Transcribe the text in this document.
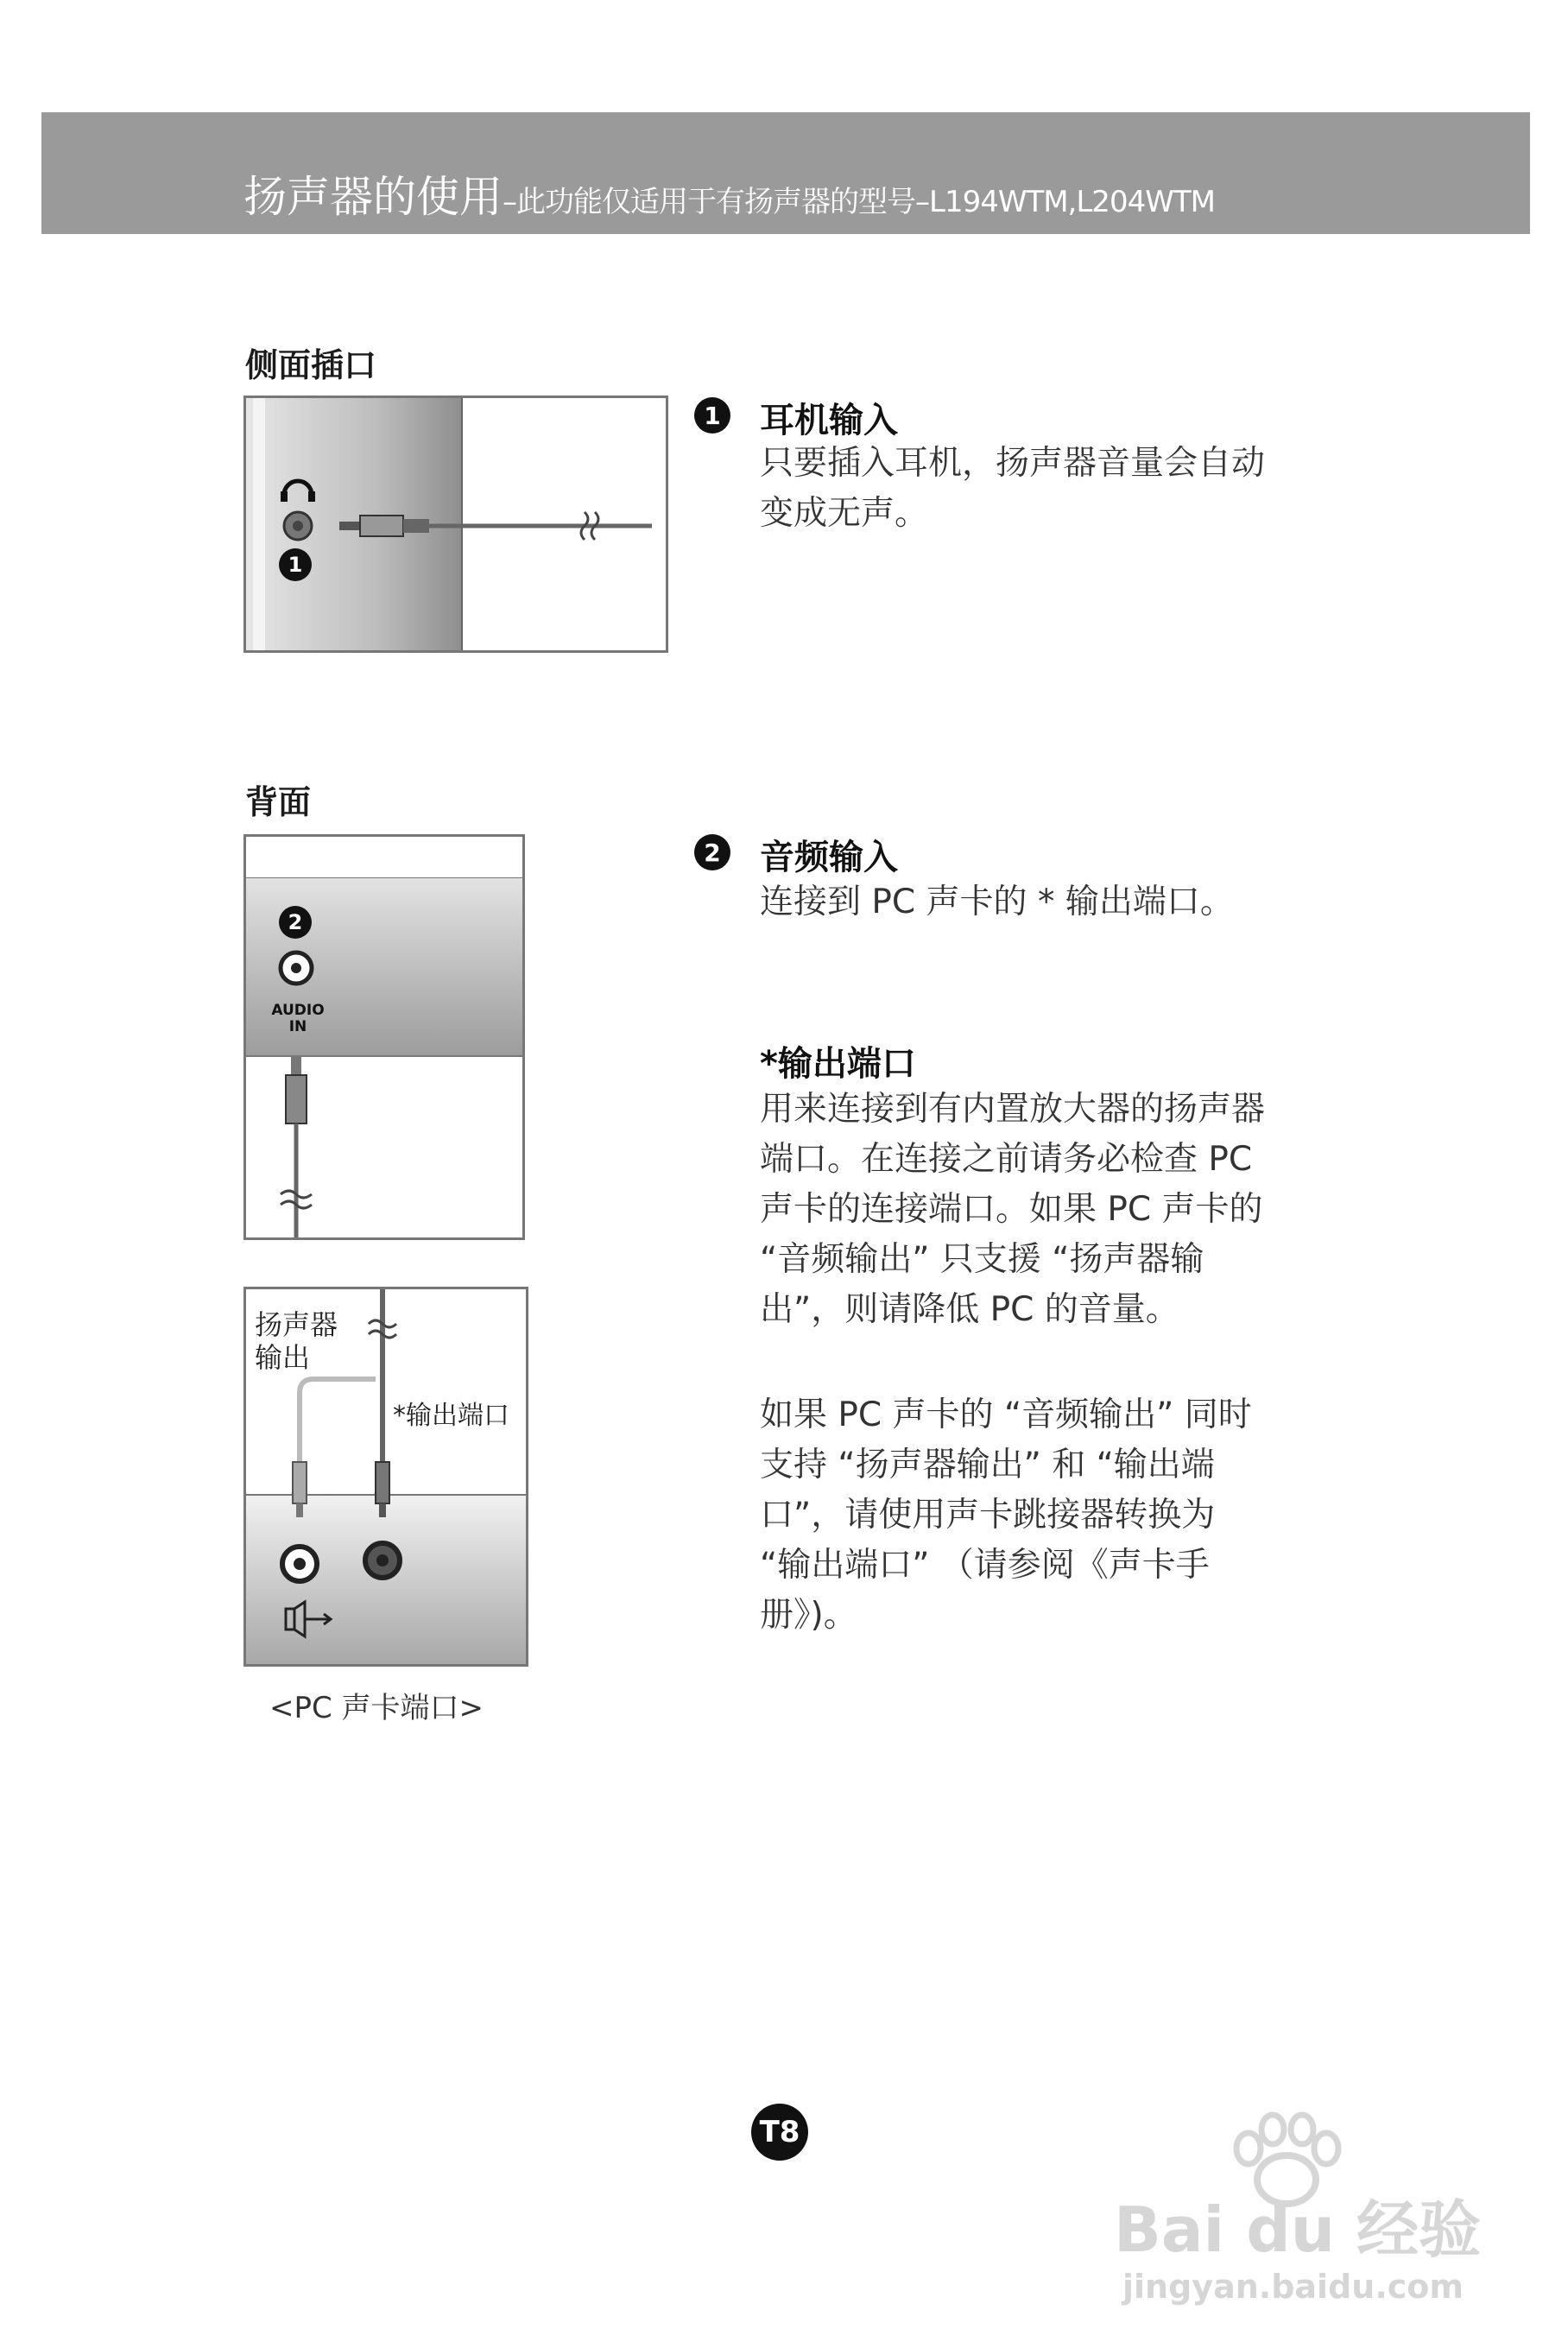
扬声器的使用–此功能仅适用于有扬声器的型号–L194WTM,L204WTM
侧面插口
1
1 耳机输入
只要插入耳机，扬声器音量会自动
变成无声。
背面
2
AUDIO
IN
2 音频输入
连接到 PC 声卡的 * 输出端口。
*输出端口
用来连接到有内置放大器的扬声器
端口。在连接之前请务必检查 PC
声卡的连接端口。如果 PC 声卡的
“音频输出” 只支援 “扬声器输
出”，则请降低 PC 的音量。
如果 PC 声卡的 “音频输出” 同时
支持 “扬声器输出” 和 “输出端
口”，请使用声卡跳接器转换为
“输出端口” （请参阅《声卡手
册》)。
扬声器
输出
*输出端口
<PC 声卡端口>
T8
Bai du 经验
jingyan.baidu.com
